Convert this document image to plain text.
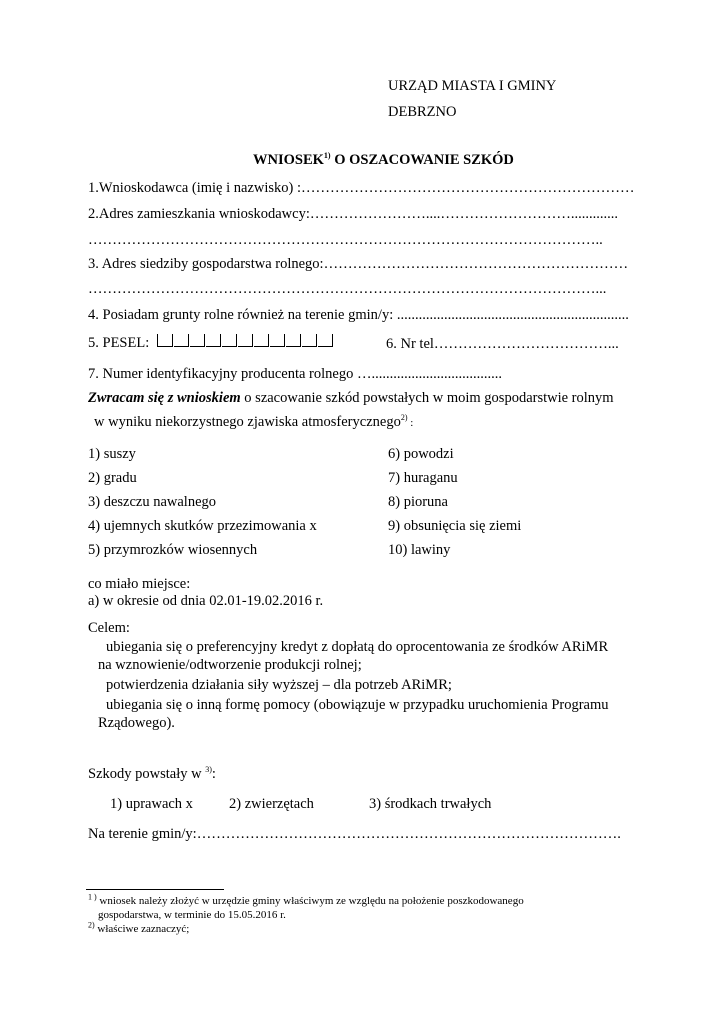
URZĄD MIASTA I GMINY
DEBRZNO
WNIOSEK$^{1)}$ O OSZACOWANIE SZKÓD
1.Wnioskodawca (imię i nazwisko) :……………………………………………………………
2.Adres zamieszkania wnioskodawcy:……………………....……………………….............
……………………………………………………………………………………………..
3. Adres siedziby gospodarstwa rolnego:………………………………………………………
……………………………………………………………………………………………...
4. Posiadam grunty rolne również na terenie gmin/y: ................................................................
5. PESEL:	6. Nr tel………………………………...
7. Numer identyfikacyjny producenta rolnego …....................................
Zwracam się z wnioskiem o szacowanie szkód powstałych w moim gospodarstwie rolnym
w wyniku niekorzystnego zjawiska atmosferycznego$^{2)}$ :
1) suszy
2) gradu
3) deszczu nawalnego
4) ujemnych skutków przezimowania x
5) przymrozków wiosennych
6) powodzi
7) huraganu
8) pioruna
9) obsunięcia się ziemi
10) lawiny
co miało miejsce:
a) w okresie od dnia 02.01-19.02.2016 r.
Celem:
ubiegania się o preferencyjny kredyt z dopłatą do oprocentowania ze środków ARiMR
na wznowienie/odtworzenie produkcji rolnej;
potwierdzenia działania siły wyższej – dla potrzeb ARiMR;
ubiegania się o inną formę pomocy (obowiązuje w przypadku uruchomienia Programu
Rządowego).
Szkody powstały w $^{3)}$:
1) uprawach x 2) zwierzętach	3) środkach trwałych
Na terenie gmin/y:…………………………………………………………………………….
$^1$ ) wniosek należy złożyć w urzędzie gminy właściwym ze względu na położenie poszkodowanego
gospodarstwa, w terminie do 15.05.2016 r.
$^{2)}$ właściwe zaznaczyć;
